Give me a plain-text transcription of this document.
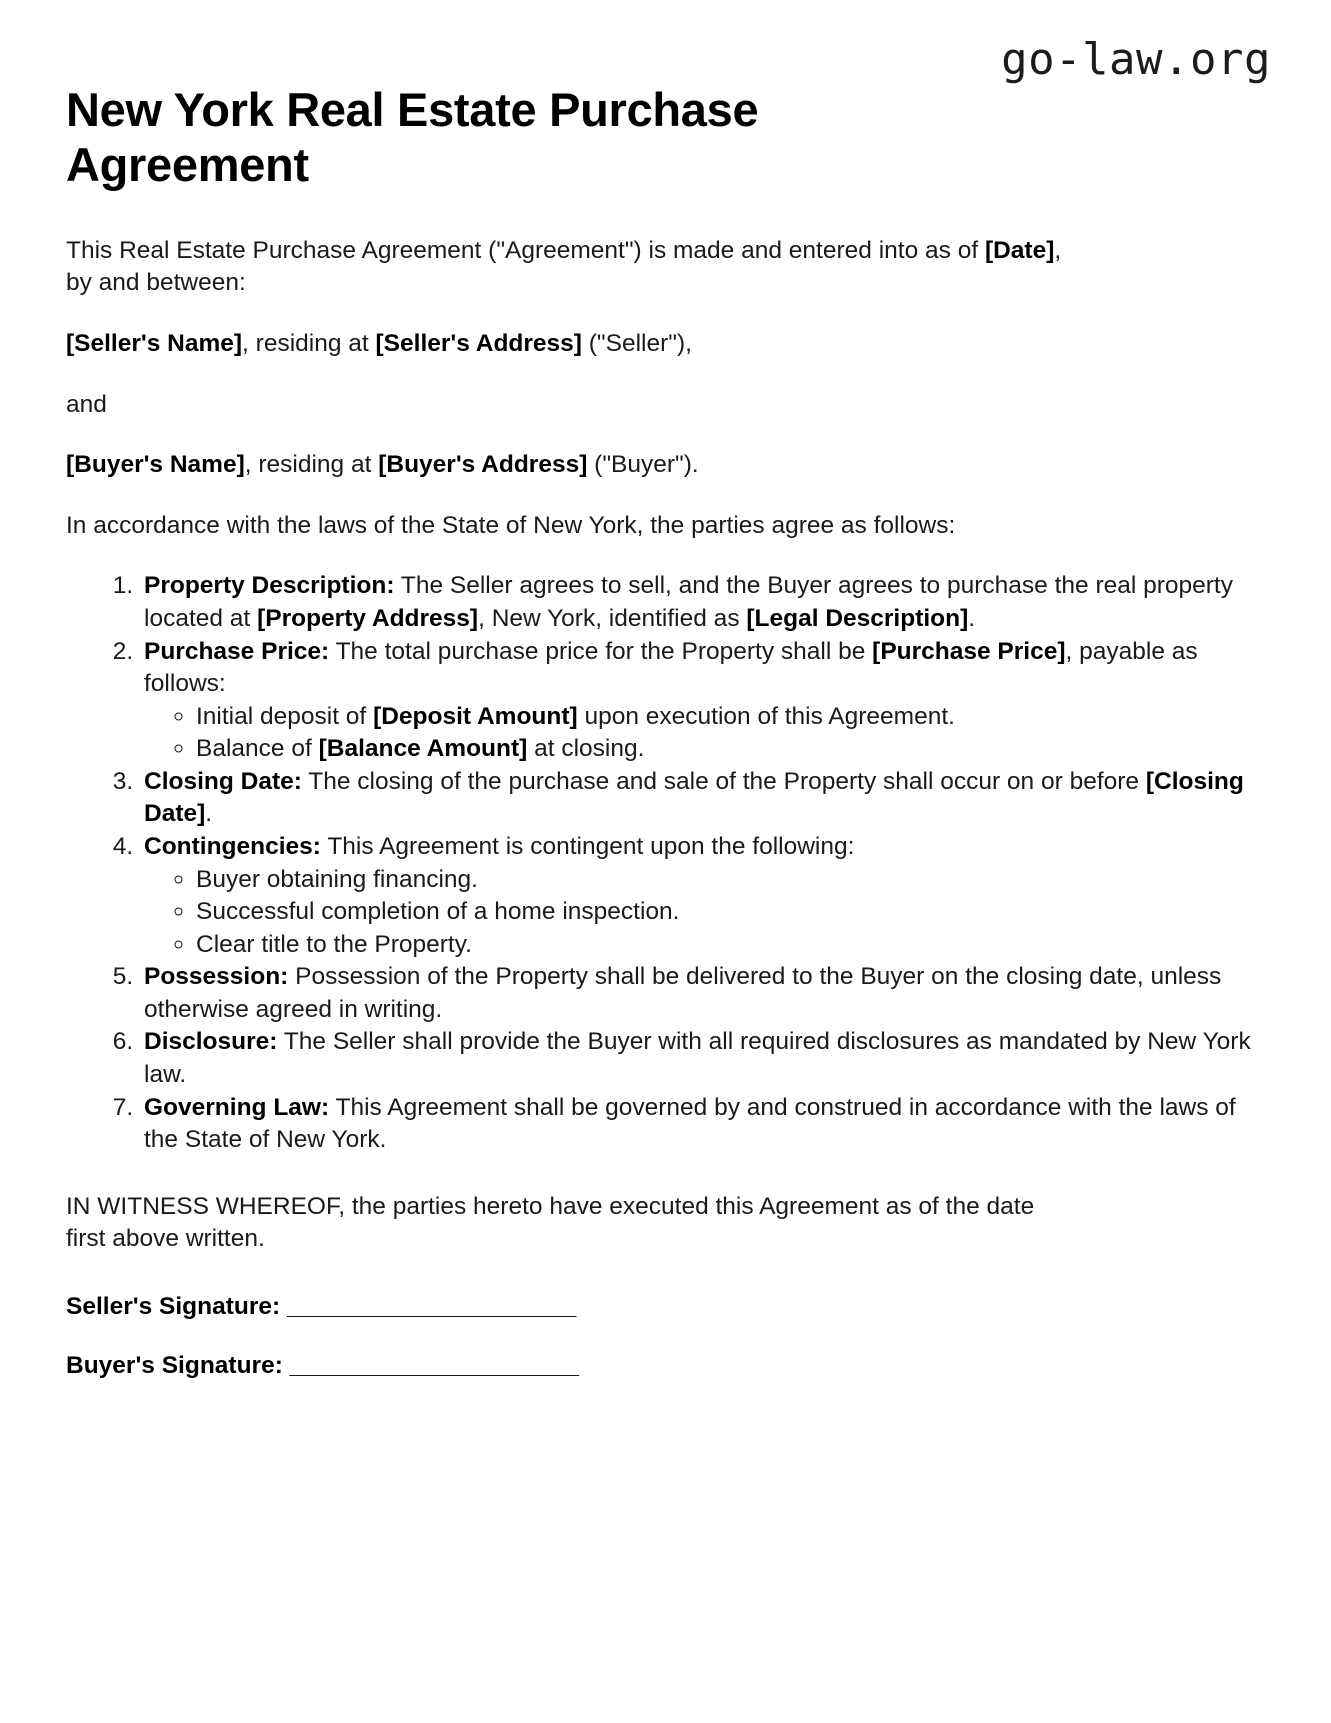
go-law.org
New York Real Estate Purchase Agreement

This Real Estate Purchase Agreement ("Agreement") is made and entered into as of [Date], by and between:

[Seller's Name], residing at [Seller's Address] ("Seller"),

and

[Buyer's Name], residing at [Buyer's Address] ("Buyer").

In accordance with the laws of the State of New York, the parties agree as follows:

1. Property Description: The Seller agrees to sell, and the Buyer agrees to purchase the real property located at [Property Address], New York, identified as [Legal Description].
2. Purchase Price: The total purchase price for the Property shall be [Purchase Price], payable as follows:
◦ Initial deposit of [Deposit Amount] upon execution of this Agreement.
◦ Balance of [Balance Amount] at closing.
3. Closing Date: The closing of the purchase and sale of the Property shall occur on or before [Closing Date].
4. Contingencies: This Agreement is contingent upon the following:
◦ Buyer obtaining financing.
◦ Successful completion of a home inspection.
◦ Clear title to the Property.
5. Possession: Possession of the Property shall be delivered to the Buyer on the closing date, unless otherwise agreed in writing.
6. Disclosure: The Seller shall provide the Buyer with all required disclosures as mandated by New York law.
7. Governing Law: This Agreement shall be governed by and construed in accordance with the laws of the State of New York.

IN WITNESS WHEREOF, the parties hereto have executed this Agreement as of the date first above written.

Seller's Signature: ______________________

Buyer's Signature: ______________________
